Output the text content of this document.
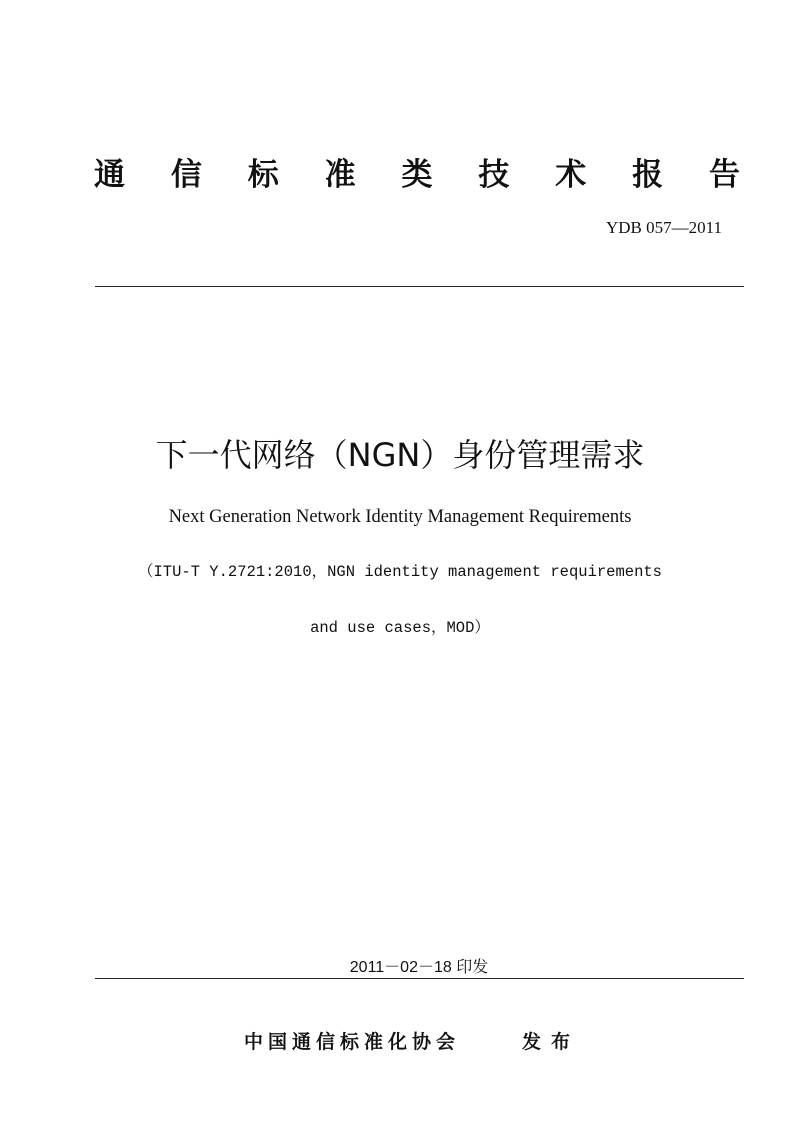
通 信 标 准 类 技 术 报 告
YDB 057—2011
下一代网络（NGN）身份管理需求
Next Generation Network Identity Management Requirements
（ITU-T Y.2721:2010，NGN identity management requirements
and use cases，MOD）
2011－02－18 印发
中国通信标准化协会	发布
